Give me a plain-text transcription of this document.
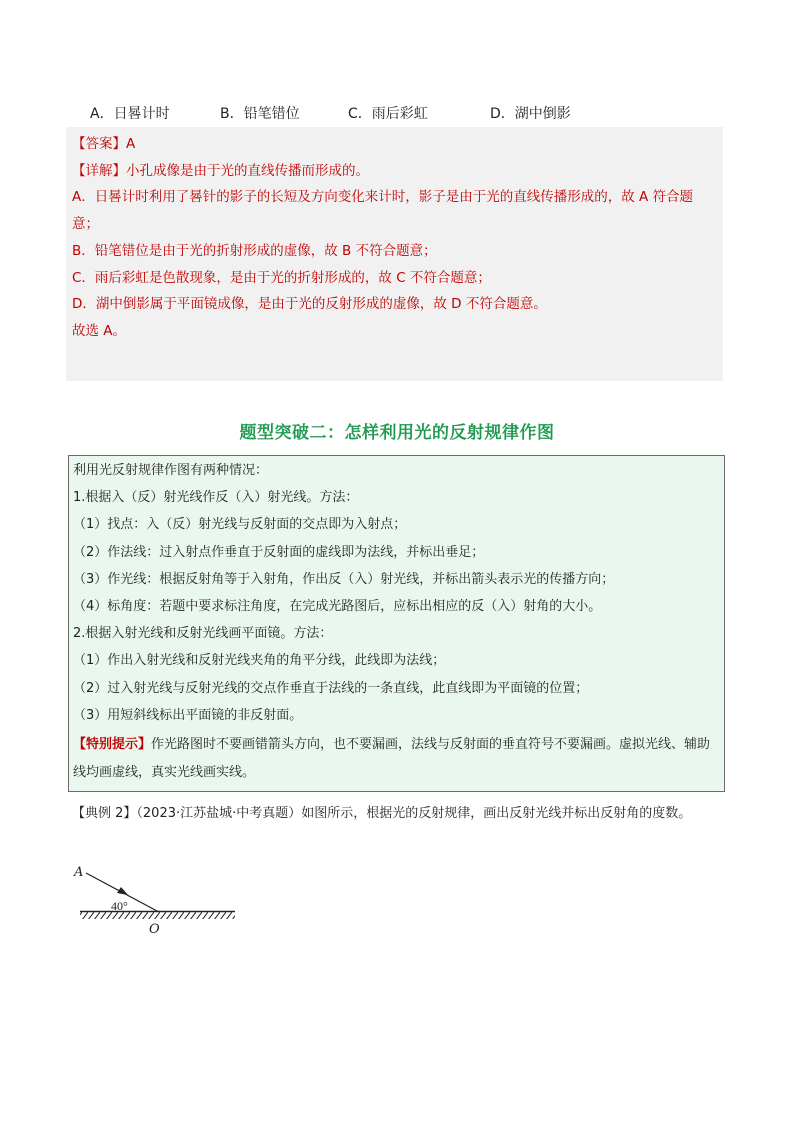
A．日晷计时	B．铅笔错位	C．雨后彩虹	D．湖中倒影
【答案】A
【详解】小孔成像是由于光的直线传播而形成的。
A．日晷计时利用了晷针的影子的长短及方向变化来计时，影子是由于光的直线传播形成的，故 A 符合题意；
B．铅笔错位是由于光的折射形成的虚像，故 B 不符合题意；
C．雨后彩虹是色散现象，是由于光的折射形成的，故 C 不符合题意；
D．湖中倒影属于平面镜成像，是由于光的反射形成的虚像，故 D 不符合题意。
故选 A。
题型突破二：怎样利用光的反射规律作图
利用光反射规律作图有两种情况：
1.根据入（反）射光线作反（入）射光线。方法：
（1）找点：入（反）射光线与反射面的交点即为入射点；
（2）作法线：过入射点作垂直于反射面的虚线即为法线，并标出垂足；
（3）作光线：根据反射角等于入射角，作出反（入）射光线，并标出箭头表示光的传播方向；
（4）标角度：若题中要求标注角度，在完成光路图后，应标出相应的反（入）射角的大小。
2.根据入射光线和反射光线画平面镜。方法：
（1）作出入射光线和反射光线夹角的角平分线，此线即为法线；
（2）过入射光线与反射光线的交点作垂直于法线的一条直线，此直线即为平面镜的位置；
（3）用短斜线标出平面镜的非反射面。
【特别提示】作光路图时不要画错箭头方向，也不要漏画，法线与反射面的垂直符号不要漏画。虚拟光线、辅助线均画虚线，真实光线画实线。
【典例 2】（2023·江苏盐城·中考真题）如图所示，根据光的反射规律，画出反射光线并标出反射角的度数。
A
40°
O
